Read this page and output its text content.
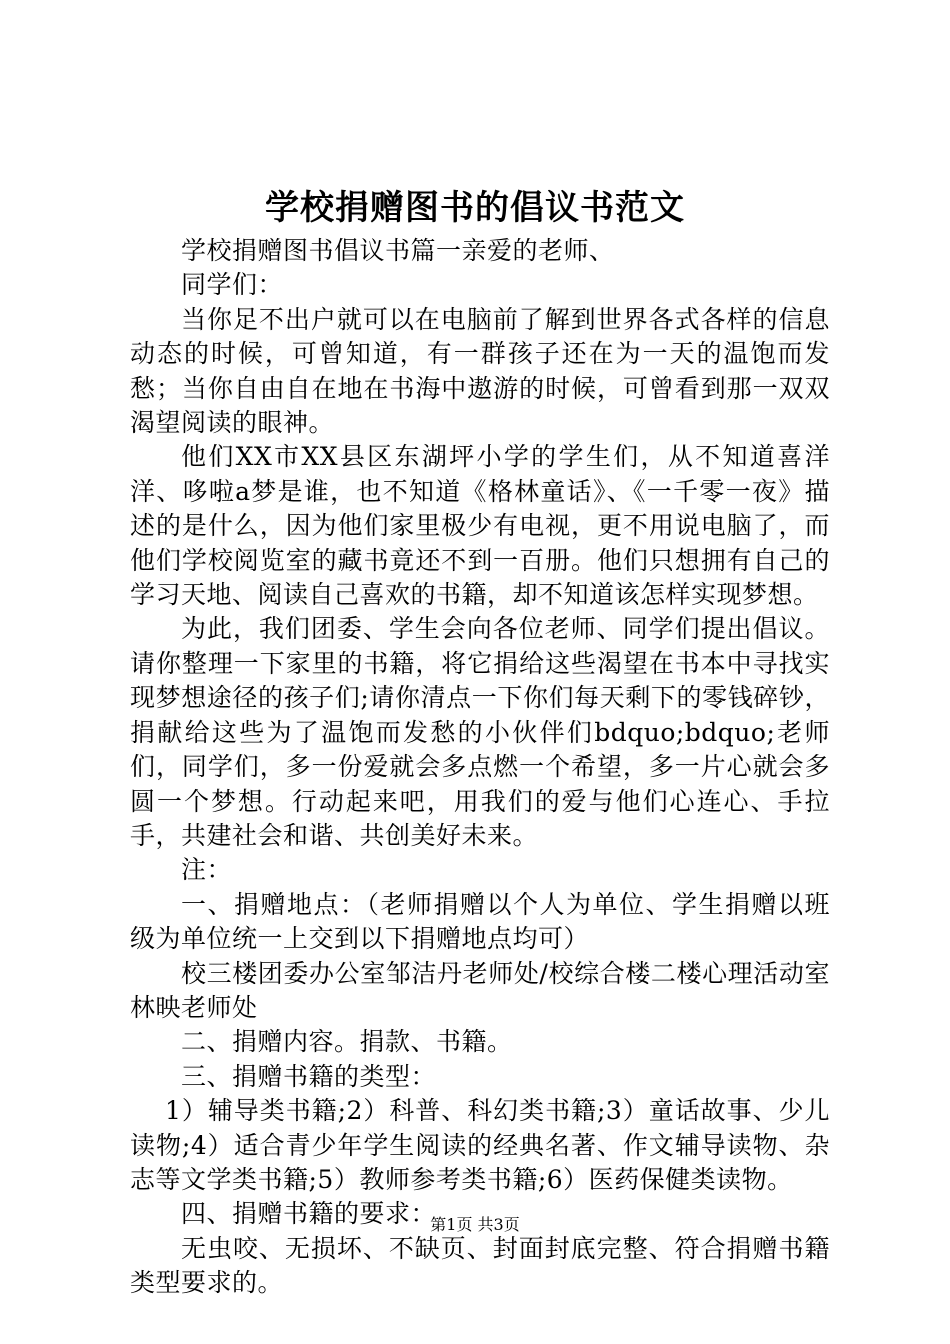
学校捐赠图书的倡议书范文

学校捐赠图书倡议书篇一亲爱的老师、

同学们：

当你足不出户就可以在电脑前了解到世界各式各样的信息动态的时候，可曾知道，有一群孩子还在为一天的温饱而发愁；当你自由自在地在书海中遨游的时候，可曾看到那一双双渴望阅读的眼神。

他们XX市XX县区东湖坪小学的学生们，从不知道喜洋洋、哆啦a梦是谁，也不知道《格林童话》、《一千零一夜》描述的是什么，因为他们家里极少有电视，更不用说电脑了，而他们学校阅览室的藏书竟还不到一百册。他们只想拥有自己的学习天地、阅读自己喜欢的书籍，却不知道该怎样实现梦想。

为此，我们团委、学生会向各位老师、同学们提出倡议。请你整理一下家里的书籍，将它捐给这些渴望在书本中寻找实现梦想途径的孩子们;请你清点一下你们每天剩下的零钱碎钞，捐献给这些为了温饱而发愁的小伙伴们bdquo;bdquo;老师们，同学们，多一份爱就会多点燃一个希望，多一片心就会多圆一个梦想。行动起来吧，用我们的爱与他们心连心、手拉手，共建社会和谐、共创美好未来。

注：

一、捐赠地点：（老师捐赠以个人为单位、学生捐赠以班级为单位统一上交到以下捐赠地点均可）

校三楼团委办公室邹洁丹老师处/校综合楼二楼心理活动室林映老师处

二、捐赠内容。捐款、书籍。

三、捐赠书籍的类型：

1）辅导类书籍;2）科普、科幻类书籍;3）童话故事、少儿读物;4）适合青少年学生阅读的经典名著、作文辅导读物、杂志等文学类书籍;5）教师参考类书籍;6）医药保健类读物。

四、捐赠书籍的要求：

无虫咬、无损坏、不缺页、封面封底完整、符合捐赠书籍类型要求的。

第1页 共3页
